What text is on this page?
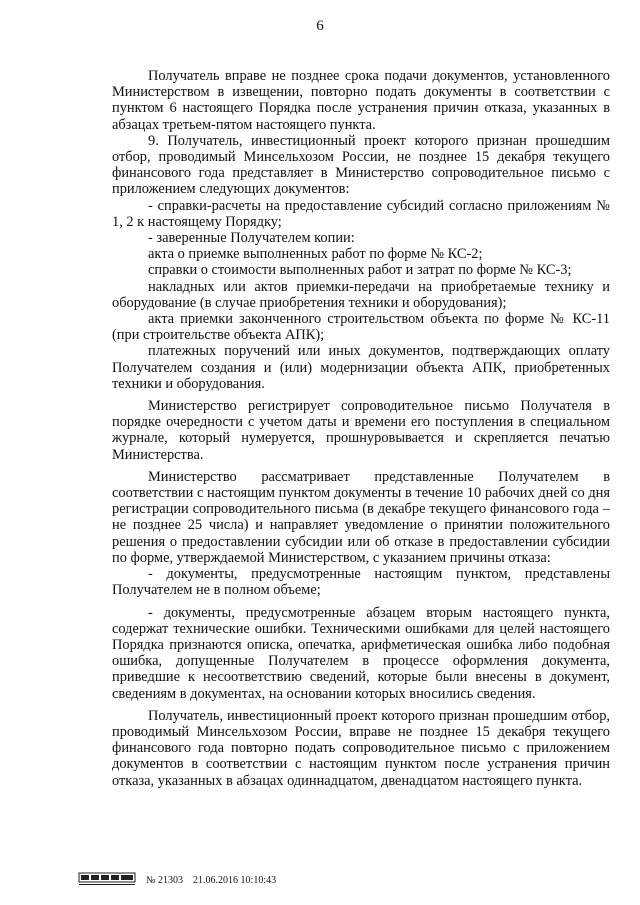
6

Получатель вправе не позднее срока подачи документов, установленного Министерством в извещении, повторно подать документы в соответствии с пунктом 6 настоящего Порядка после устранения причин отказа, указанных в абзацах третьем-пятом настоящего пункта.

9. Получатель, инвестиционный проект которого признан прошедшим отбор, проводимый Минсельхозом России, не позднее 15 декабря текущего финансового года представляет в Министерство сопроводительное письмо с приложением следующих документов:

- справки-расчеты на предоставление субсидий согласно приложениям № 1, 2 к настоящему Порядку;

- заверенные Получателем копии:

акта о приемке выполненных работ по форме № КС-2;

справки о стоимости выполненных работ и затрат по форме № КС-3;

накладных или актов приемки-передачи на приобретаемые технику и оборудование (в случае приобретения техники и оборудования);

акта приемки законченного строительством объекта по форме № КС-11 (при строительстве объекта АПК);

платежных поручений или иных документов, подтверждающих оплату Получателем создания и (или) модернизации объекта АПК, приобретенных техники и оборудования.

Министерство регистрирует сопроводительное письмо Получателя в порядке очередности с учетом даты и времени его поступления в специальном журнале, который нумеруется, прошнуровывается и скрепляется печатью Министерства.

Министерство рассматривает представленные Получателем в соответствии с настоящим пунктом документы в течение 10 рабочих дней со дня регистрации сопроводительного письма (в декабре текущего финансового года – не позднее 25 числа) и направляет уведомление о принятии положительного решения о предоставлении субсидии или об отказе в предоставлении субсидии по форме, утверждаемой Министерством, с указанием причины отказа:

- документы, предусмотренные настоящим пунктом, представлены Получателем не в полном объеме;

- документы, предусмотренные абзацем вторым настоящего пункта, содержат технические ошибки. Техническими ошибками для целей настоящего Порядка признаются описка, опечатка, арифметическая ошибка либо подобная ошибка, допущенные Получателем в процессе оформления документа, приведшие к несоответствию сведений, которые были внесены в документ, сведениям в документах, на основании которых вносились сведения.

Получатель, инвестиционный проект которого признан прошедшим отбор, проводимый Минсельхозом России, вправе не позднее 15 декабря текущего финансового года повторно подать сопроводительное письмо с приложением документов в соответствии с настоящим пунктом после устранения причин отказа, указанных в абзацах одиннадцатом, двенадцатом настоящего пункта.

№ 21303 21.06.2016 10:10:43
